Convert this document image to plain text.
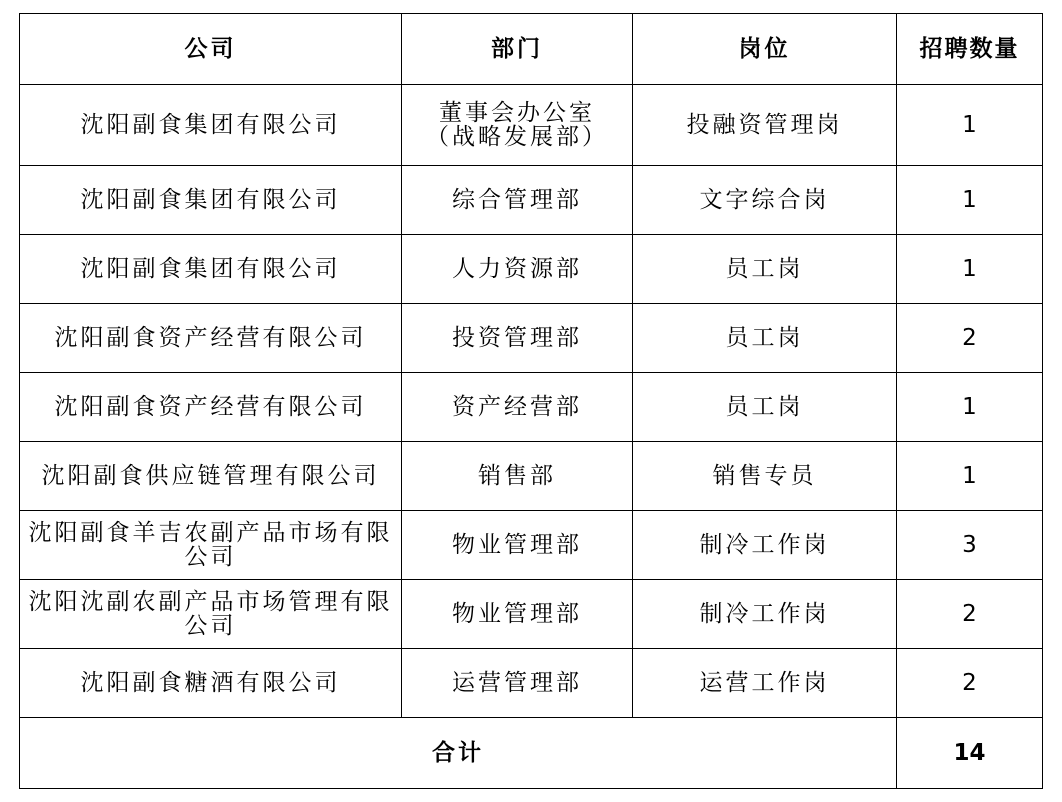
公司	部门	岗位	招聘数量
沈阳副食集团有限公司	董事会办公室（战略发展部）	投融资管理岗	1
沈阳副食集团有限公司	综合管理部	文字综合岗	1
沈阳副食集团有限公司	人力资源部	员工岗	1
沈阳副食资产经营有限公司	投资管理部	员工岗	2
沈阳副食资产经营有限公司	资产经营部	员工岗	1
沈阳副食供应链管理有限公司	销售部	销售专员	1
沈阳副食羊吉农副产品市场有限公司	物业管理部	制冷工作岗	3
沈阳沈副农副产品市场管理有限公司	物业管理部	制冷工作岗	2
沈阳副食糖酒有限公司	运营管理部	运营工作岗	2
合计			14
